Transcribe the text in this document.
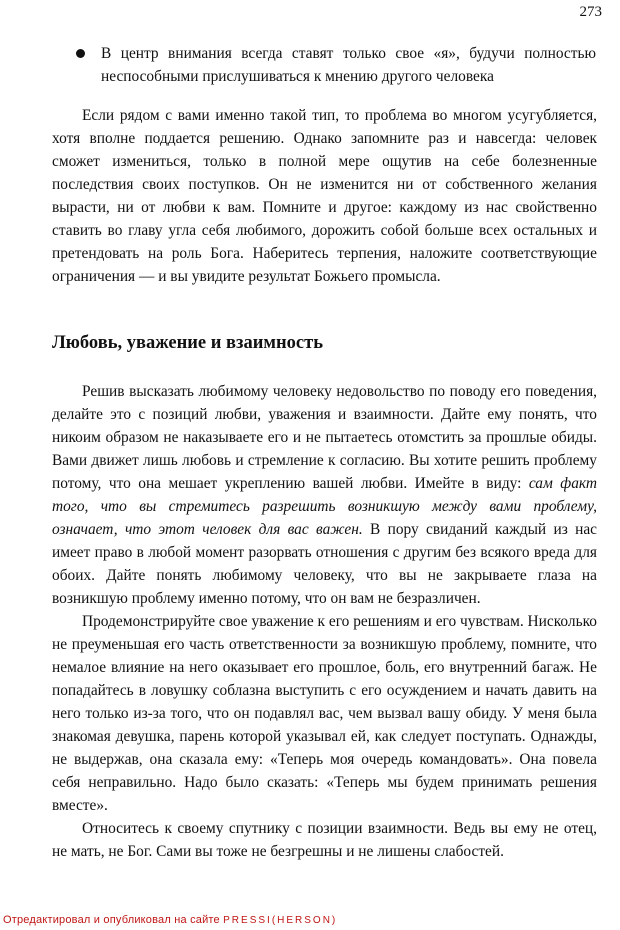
273

В центр внимания всегда ставят только свое «я», будучи полностью неспособными прислушиваться к мнению другого человека

Если рядом с вами именно такой тип, то проблема во многом усугубляется, хотя вполне поддается решению. Однако запомните раз и навсегда: человек сможет измениться, только в полной мере ощутив на себе болезненные последствия своих поступков. Он не изменится ни от собственного желания вырасти, ни от любви к вам. Помните и другое: каждому из нас свойственно ставить во главу угла себя любимого, дорожить собой больше всех остальных и претендовать на роль Бога. Наберитесь терпения, наложите соответствующие ограничения — и вы увидите результат Божьего промысла.

Любовь, уважение и взаимность

Решив высказать любимому человеку недовольство по поводу его поведения, делайте это с позиций любви, уважения и взаимности. Дайте ему понять, что никоим образом не наказываете его и не пытаетесь отомстить за прошлые обиды. Вами движет лишь любовь и стремление к согласию. Вы хотите решить проблему потому, что она мешает укреплению вашей любви. Имейте в виду: сам факт того, что вы стремитесь разрешить возникшую между вами проблему, означает, что этот человек для вас важен. В пору свиданий каждый из нас имеет право в любой момент разорвать отношения с другим без всякого вреда для обоих. Дайте понять любимому человеку, что вы не закрываете глаза на возникшую проблему именно потому, что он вам не безразличен.

Продемонстрируйте свое уважение к его решениям и его чувствам. Нисколько не преуменьшая его часть ответственности за возникшую проблему, помните, что немалое влияние на него оказывает его прошлое, боль, его внутренний багаж. Не попадайтесь в ловушку соблазна выступить с его осуждением и начать давить на него только из-за того, что он подавлял вас, чем вызвал вашу обиду. У меня была знакомая девушка, парень которой указывал ей, как следует поступать. Однажды, не выдержав, она сказала ему: «Теперь моя очередь командовать». Она повела себя неправильно. Надо было сказать: «Теперь мы будем принимать решения вместе».

Относитесь к своему спутнику с позиции взаимности. Ведь вы ему не отец, не мать, не Бог. Сами вы тоже не безгрешны и не лишены слабостей.

Отредактировал и опубликовал на сайте PRESSI(HERSON)
